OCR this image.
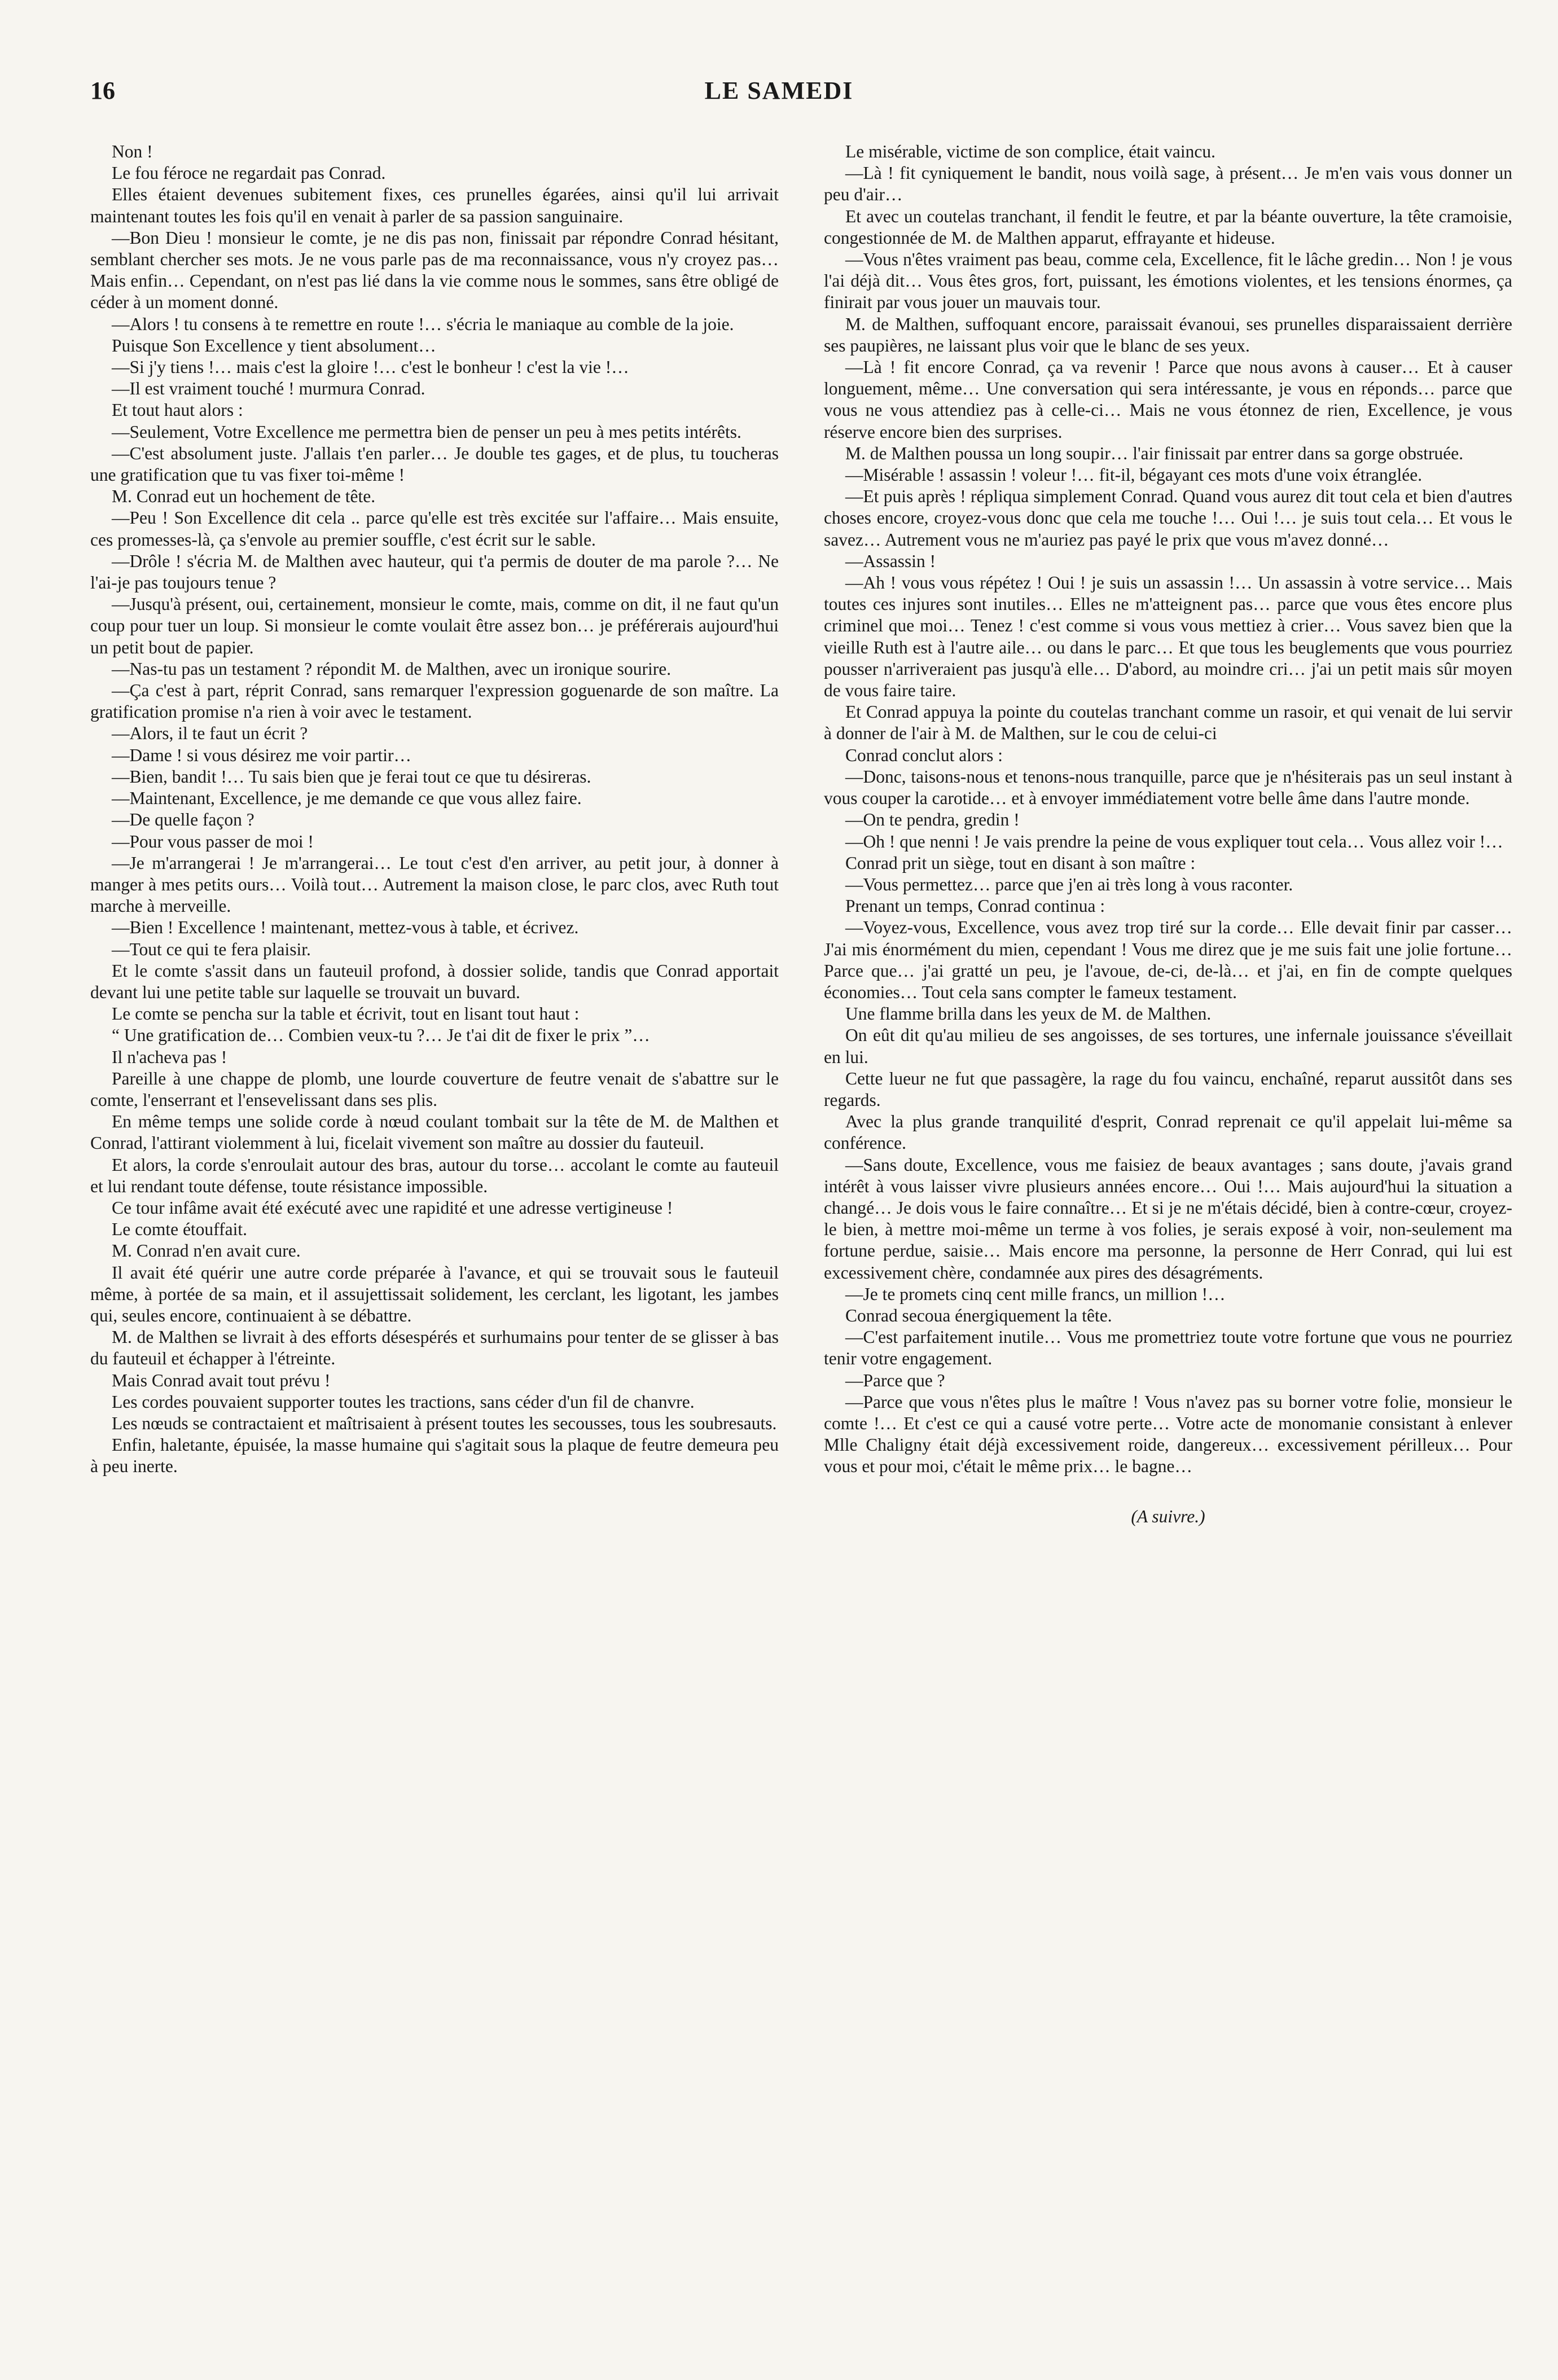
16	LE SAMEDI

Non !

Le fou féroce ne regardait pas Conrad.

Elles étaient devenues subitement fixes, ces prunelles égarées, ainsi qu'il lui arrivait maintenant toutes les fois qu'il en venait à parler de sa passion sanguinaire.

—Bon Dieu ! monsieur le comte, je ne dis pas non, finissait par répondre Conrad hésitant, semblant chercher ses mots. Je ne vous parle pas de ma reconnaissance, vous n'y croyez pas… Mais enfin… Cependant, on n'est pas lié dans la vie comme nous le sommes, sans être obligé de céder à un moment donné.

—Alors ! tu consens à te remettre en route !… s'écria le maniaque au comble de la joie.

Puisque Son Excellence y tient absolument…

—Si j'y tiens !… mais c'est la gloire !… c'est le bonheur ! c'est la vie !…

—Il est vraiment touché ! murmura Conrad.

Et tout haut alors :

—Seulement, Votre Excellence me permettra bien de penser un peu à mes petits intérêts.

—C'est absolument juste. J'allais t'en parler… Je double tes gages, et de plus, tu toucheras une gratification que tu vas fixer toi-même !

M. Conrad eut un hochement de tête.

—Peu ! Son Excellence dit cela .. parce qu'elle est très excitée sur l'affaire… Mais ensuite, ces promesses-là, ça s'envole au premier souffle, c'est écrit sur le sable.

—Drôle ! s'écria M. de Malthen avec hauteur, qui t'a permis de douter de ma parole ?… Ne l'ai-je pas toujours tenue ?

—Jusqu'à présent, oui, certainement, monsieur le comte, mais, comme on dit, il ne faut qu'un coup pour tuer un loup. Si monsieur le comte voulait être assez bon… je préférerais aujourd'hui un petit bout de papier.

—Nas-tu pas un testament ? répondit M. de Malthen, avec un ironique sourire.

—Ça c'est à part, réprit Conrad, sans remarquer l'expression goguenarde de son maître. La gratification promise n'a rien à voir avec le testament.

—Alors, il te faut un écrit ?

—Dame ! si vous désirez me voir partir…

—Bien, bandit !… Tu sais bien que je ferai tout ce que tu désireras.

—Maintenant, Excellence, je me demande ce que vous allez faire.

—De quelle façon ?

—Pour vous passer de moi !

—Je m'arrangerai ! Je m'arrangerai… Le tout c'est d'en arriver, au petit jour, à donner à manger à mes petits ours… Voilà tout… Autrement la maison close, le parc clos, avec Ruth tout marche à merveille.

—Bien ! Excellence ! maintenant, mettez-vous à table, et écrivez.

—Tout ce qui te fera plaisir.

Et le comte s'assit dans un fauteuil profond, à dossier solide, tandis que Conrad apportait devant lui une petite table sur laquelle se trouvait un buvard.

Le comte se pencha sur la table et écrivit, tout en lisant tout haut :

“ Une gratification de… Combien veux-tu ?… Je t'ai dit de fixer le prix ”…

Il n'acheva pas !

Pareille à une chappe de plomb, une lourde couverture de feutre venait de s'abattre sur le comte, l'enserrant et l'ensevelissant dans ses plis.

En même temps une solide corde à nœud coulant tombait sur la tête de M. de Malthen et Conrad, l'attirant violemment à lui, ficelait vivement son maître au dossier du fauteuil.

Et alors, la corde s'enroulait autour des bras, autour du torse… accolant le comte au fauteuil et lui rendant toute défense, toute résistance impossible.

Ce tour infâme avait été exécuté avec une rapidité et une adresse vertigineuse !

Le comte étouffait.

M. Conrad n'en avait cure.

Il avait été quérir une autre corde préparée à l'avance, et qui se trouvait sous le fauteuil même, à portée de sa main, et il assujettissait solidement, les cerclant, les ligotant, les jambes qui, seules encore, continuaient à se débattre.

M. de Malthen se livrait à des efforts désespérés et surhumains pour tenter de se glisser à bas du fauteuil et échapper à l'étreinte.

Mais Conrad avait tout prévu !

Les cordes pouvaient supporter toutes les tractions, sans céder d'un fil de chanvre.

Les nœuds se contractaient et maîtrisaient à présent toutes les secousses, tous les soubresauts.

Enfin, haletante, épuisée, la masse humaine qui s'agitait sous la plaque de feutre demeura peu à peu inerte.

Le misérable, victime de son complice, était vaincu.

—Là ! fit cyniquement le bandit, nous voilà sage, à présent… Je m'en vais vous donner un peu d'air…

Et avec un coutelas tranchant, il fendit le feutre, et par la béante ouverture, la tête cramoisie, congestionnée de M. de Malthen apparut, effrayante et hideuse.

—Vous n'êtes vraiment pas beau, comme cela, Excellence, fit le lâche gredin… Non ! je vous l'ai déjà dit… Vous êtes gros, fort, puissant, les émotions violentes, et les tensions énormes, ça finirait par vous jouer un mauvais tour.

M. de Malthen, suffoquant encore, paraissait évanoui, ses prunelles disparaissaient derrière ses paupières, ne laissant plus voir que le blanc de ses yeux.

—Là ! fit encore Conrad, ça va revenir ! Parce que nous avons à causer… Et à causer longuement, même… Une conversation qui sera intéressante, je vous en réponds… parce que vous ne vous attendiez pas à celle-ci… Mais ne vous étonnez de rien, Excellence, je vous réserve encore bien des surprises.

M. de Malthen poussa un long soupir… l'air finissait par entrer dans sa gorge obstruée.

—Misérable ! assassin ! voleur !… fit-il, bégayant ces mots d'une voix étranglée.

—Et puis après ! répliqua simplement Conrad. Quand vous aurez dit tout cela et bien d'autres choses encore, croyez-vous donc que cela me touche !… Oui !… je suis tout cela… Et vous le savez… Autrement vous ne m'auriez pas payé le prix que vous m'avez donné…

—Assassin !

—Ah ! vous vous répétez ! Oui ! je suis un assassin !… Un assassin à votre service… Mais toutes ces injures sont inutiles… Elles ne m'atteignent pas… parce que vous êtes encore plus criminel que moi… Tenez ! c'est comme si vous vous mettiez à crier… Vous savez bien que la vieille Ruth est à l'autre aile… ou dans le parc… Et que tous les beuglements que vous pourriez pousser n'arriveraient pas jusqu'à elle… D'abord, au moindre cri… j'ai un petit mais sûr moyen de vous faire taire.

Et Conrad appuya la pointe du coutelas tranchant comme un rasoir, et qui venait de lui servir à donner de l'air à M. de Malthen, sur le cou de celui-ci

Conrad conclut alors :

—Donc, taisons-nous et tenons-nous tranquille, parce que je n'hésiterais pas un seul instant à vous couper la carotide… et à envoyer immédiatement votre belle âme dans l'autre monde.

—On te pendra, gredin !

—Oh ! que nenni ! Je vais prendre la peine de vous expliquer tout cela… Vous allez voir !…

Conrad prit un siège, tout en disant à son maître :

—Vous permettez… parce que j'en ai très long à vous raconter.

Prenant un temps, Conrad continua :

—Voyez-vous, Excellence, vous avez trop tiré sur la corde… Elle devait finir par casser… J'ai mis énormément du mien, cependant ! Vous me direz que je me suis fait une jolie fortune… Parce que… j'ai gratté un peu, je l'avoue, de-ci, de-là… et j'ai, en fin de compte quelques économies… Tout cela sans compter le fameux testament.

Une flamme brilla dans les yeux de M. de Malthen.

On eût dit qu'au milieu de ses angoisses, de ses tortures, une infernale jouissance s'éveillait en lui.

Cette lueur ne fut que passagère, la rage du fou vaincu, enchaîné, reparut aussitôt dans ses regards.

Avec la plus grande tranquilité d'esprit, Conrad reprenait ce qu'il appelait lui-même sa conférence.

—Sans doute, Excellence, vous me faisiez de beaux avantages ; sans doute, j'avais grand intérêt à vous laisser vivre plusieurs années encore… Oui !… Mais aujourd'hui la situation a changé… Je dois vous le faire connaître… Et si je ne m'étais décidé, bien à contre-cœur, croyez-le bien, à mettre moi-même un terme à vos folies, je serais exposé à voir, non-seulement ma fortune perdue, saisie… Mais encore ma personne, la personne de Herr Conrad, qui lui est excessivement chère, condamnée aux pires des désagréments.

—Je te promets cinq cent mille francs, un million !…

Conrad secoua énergiquement la tête.

—C'est parfaitement inutile… Vous me promettriez toute votre fortune que vous ne pourriez tenir votre engagement.

—Parce que ?

—Parce que vous n'êtes plus le maître ! Vous n'avez pas su borner votre folie, monsieur le comte !… Et c'est ce qui a causé votre perte… Votre acte de monomanie consistant à enlever Mlle Chaligny était déjà excessivement roide, dangereux… excessivement périlleux… Pour vous et pour moi, c'était le même prix… le bagne…

(A suivre.)
